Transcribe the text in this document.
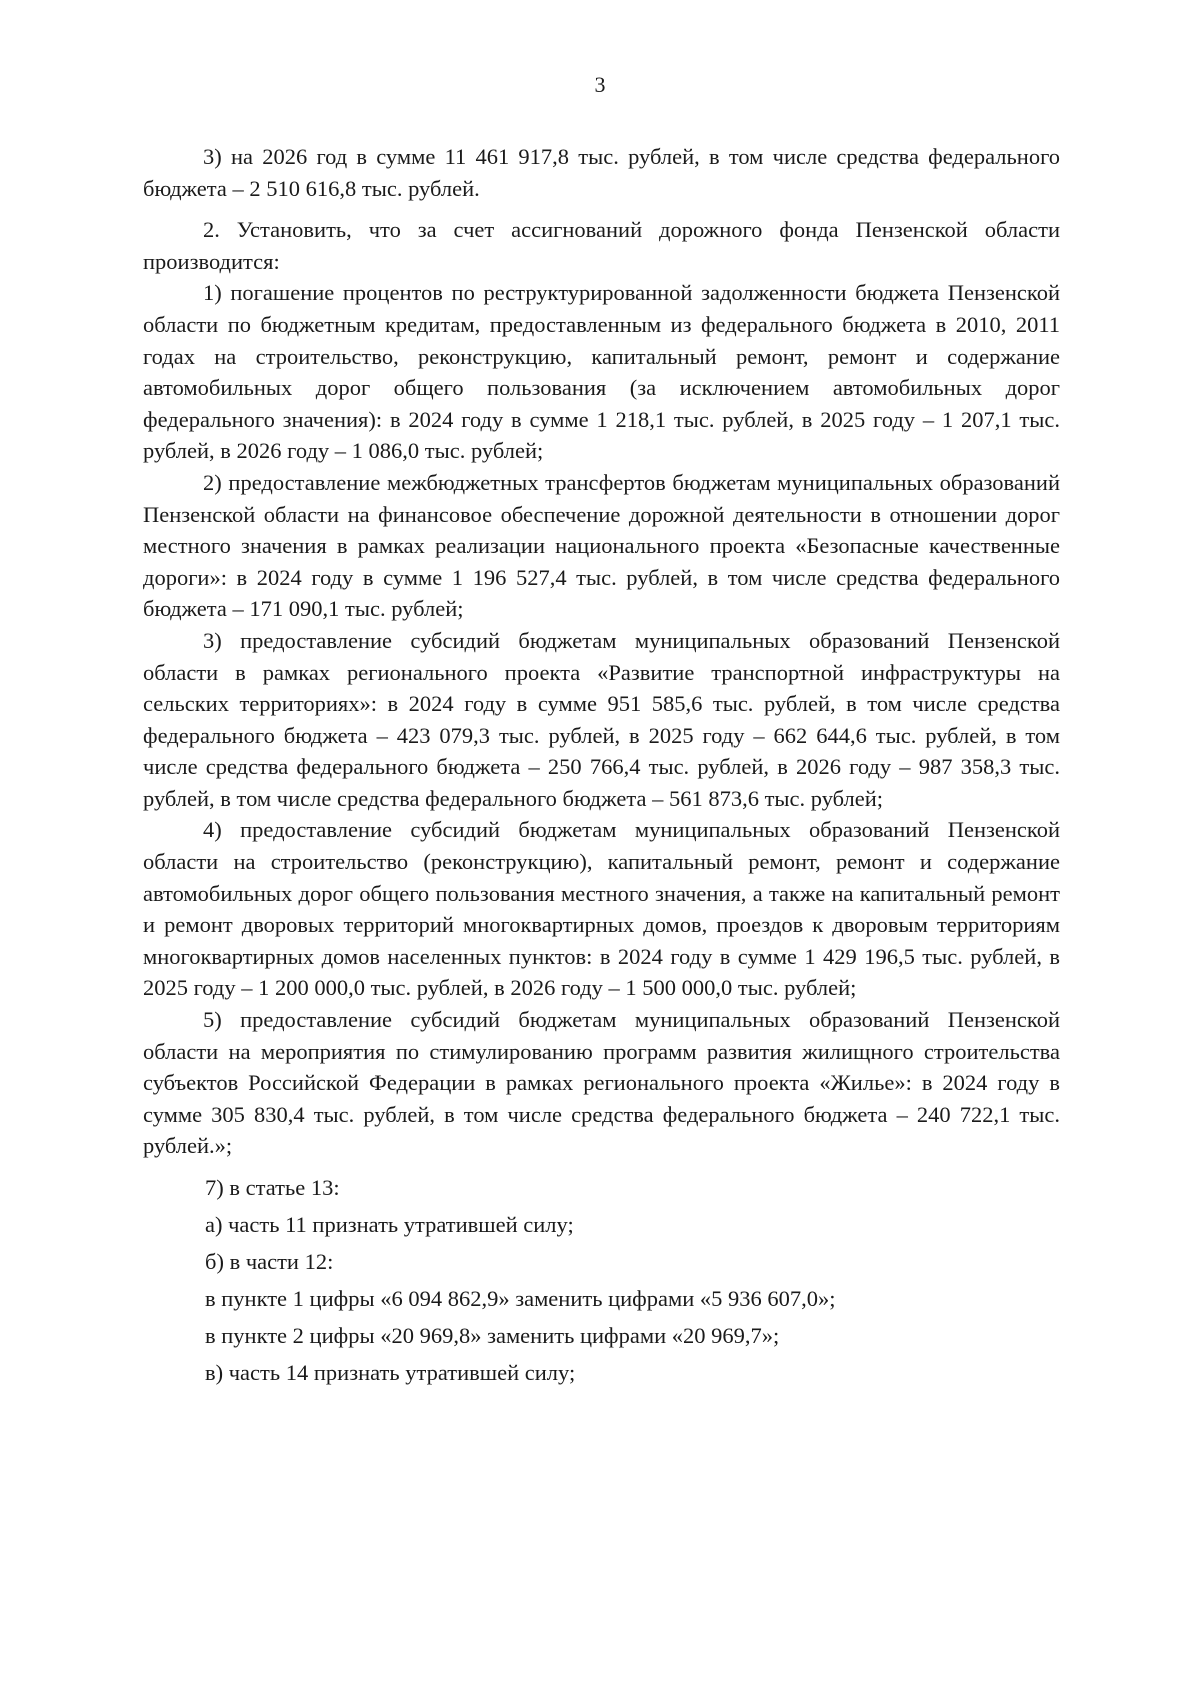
3

3) на 2026 год в сумме 11 461 917,8 тыс. рублей, в том числе средства федерального бюджета – 2 510 616,8 тыс. рублей.

2. Установить, что за счет ассигнований дорожного фонда Пензенской области производится:

1) погашение процентов по реструктурированной задолженности бюджета Пензенской области по бюджетным кредитам, предоставленным из федерального бюджета в 2010, 2011 годах на строительство, реконструкцию, капитальный ремонт, ремонт и содержание автомобильных дорог общего пользования (за исключением автомобильных дорог федерального значения): в 2024 году в сумме 1 218,1 тыс. рублей, в 2025 году – 1 207,1 тыс. рублей, в 2026 году – 1 086,0 тыс. рублей;

2) предоставление межбюджетных трансфертов бюджетам муниципальных образований Пензенской области на финансовое обеспечение дорожной деятельности в отношении дорог местного значения в рамках реализации национального проекта «Безопасные качественные дороги»: в 2024 году в сумме 1 196 527,4 тыс. рублей, в том числе средства федерального бюджета – 171 090,1 тыс. рублей;

3) предоставление субсидий бюджетам муниципальных образований Пензенской области в рамках регионального проекта «Развитие транспортной инфраструктуры на сельских территориях»: в 2024 году в сумме 951 585,6 тыс. рублей, в том числе средства федерального бюджета – 423 079,3 тыс. рублей, в 2025 году – 662 644,6 тыс. рублей, в том числе средства федерального бюджета – 250 766,4 тыс. рублей, в 2026 году – 987 358,3 тыс. рублей, в том числе средства федерального бюджета – 561 873,6 тыс. рублей;

4) предоставление субсидий бюджетам муниципальных образований Пензенской области на строительство (реконструкцию), капитальный ремонт, ремонт и содержание автомобильных дорог общего пользования местного значения, а также на капитальный ремонт и ремонт дворовых территорий многоквартирных домов, проездов к дворовым территориям многоквартирных домов населенных пунктов: в 2024 году в сумме 1 429 196,5 тыс. рублей, в 2025 году – 1 200 000,0 тыс. рублей, в 2026 году – 1 500 000,0 тыс. рублей;

5) предоставление субсидий бюджетам муниципальных образований Пензенской области на мероприятия по стимулированию программ развития жилищного строительства субъектов Российской Федерации в рамках регионального проекта «Жилье»: в 2024 году в сумме 305 830,4 тыс. рублей, в том числе средства федерального бюджета – 240 722,1 тыс. рублей.»;

7) в статье 13:

а) часть 11 признать утратившей силу;

б) в части 12:

в пункте 1 цифры «6 094 862,9» заменить цифрами «5 936 607,0»;

в пункте 2 цифры «20 969,8» заменить цифрами «20 969,7»;

в) часть 14 признать утратившей силу;
